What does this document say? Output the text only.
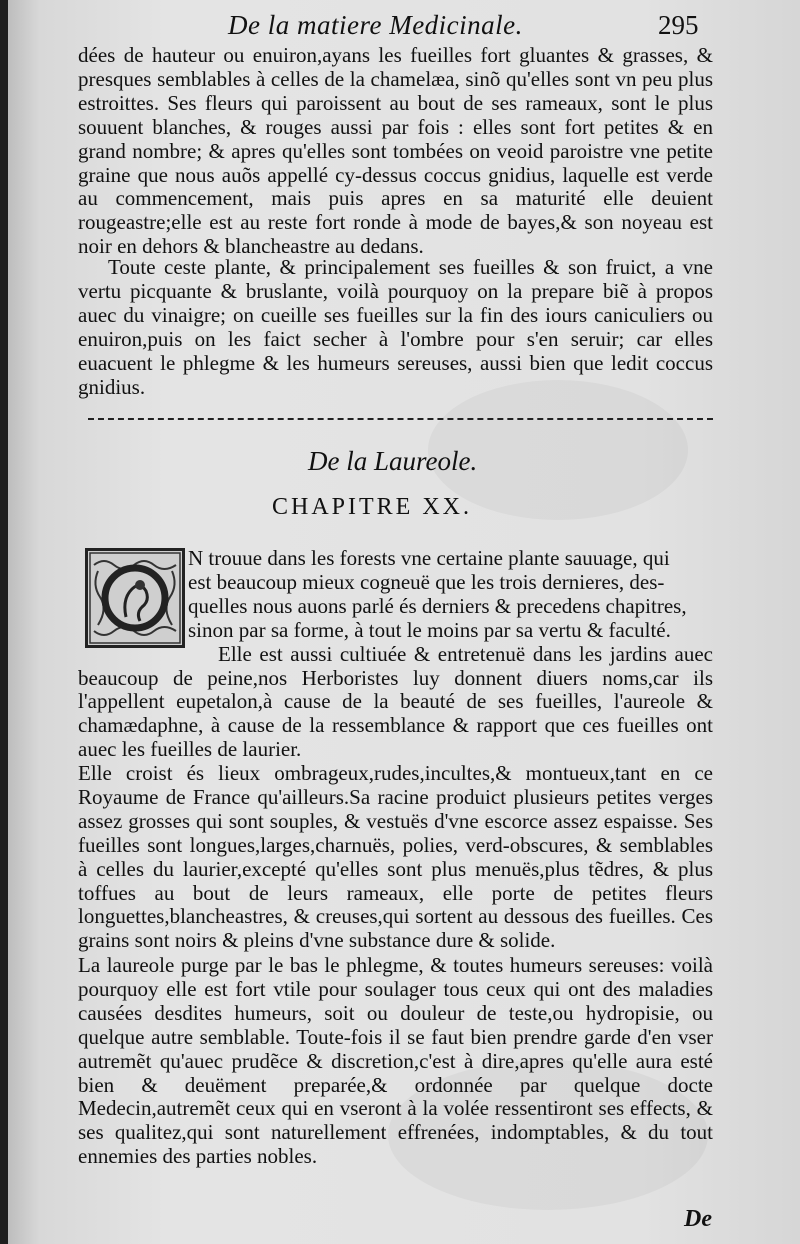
De la matiere Medicinale.	295

dées de hauteur ou enuiron,ayans les fueilles fort gluantes & grasses, & presques semblables à celles de la chamelæa, sinõ qu'elles sont vn peu plus estroittes. Ses fleurs qui paroissent au bout de ses rameaux, sont le plus souuent blanches, & rouges aussi par fois : elles sont fort petites & en grand nombre; & apres qu'elles sont tombées on veoid paroistre vne petite graine que nous auõs appellé cy-dessus coccus gnidius, laquelle est verde au commencement, mais puis apres en sa maturité elle deuient rougeastre;elle est au reste fort ronde à mode de bayes,& son noyeau est noir en dehors & blancheastre au dedans.

Toute ceste plante, & principalement ses fueilles & son fruict, a vne vertu picquante & bruslante, voilà pourquoy on la prepare biẽ à propos auec du vinaigre; on cueille ses fueilles sur la fin des iours caniculiers ou enuiron,puis on les faict secher à l'ombre pour s'en seruir; car elles euacuent le phlegme & les humeurs sereuses, aussi bien que ledit coccus gnidius.

De la Laureole.
CHAPITRE XX.
N trouue dans les forests vne certaine plante sauuage, qui
est beaucoup mieux cogneuë que les trois dernieres, des-
quelles nous auons parlé és derniers & precedens chapitres,
sinon par sa forme, à tout le moins par sa vertu & faculté.

Elle est aussi cultiuée & entretenuë dans les jardins auec beaucoup de peine,nos Herboristes luy donnent diuers noms,car ils l'appellent eupetalon,à cause de la beauté de ses fueilles, l'aureole & chamædaphne, à cause de la ressemblance & rapport que ces fueilles ont auec les fueilles de laurier.

Elle croist és lieux ombrageux,rudes,incultes,& montueux,tant en ce Royaume de France qu'ailleurs.Sa racine produict plusieurs petites verges assez grosses qui sont souples, & vestuës d'vne escorce assez espaisse. Ses fueilles sont longues,larges,charnuës, polies, verd-obscures, & semblables à celles du laurier,excepté qu'elles sont plus menuës,plus tẽdres, & plus toffues au bout de leurs rameaux, elle porte de petites fleurs longuettes,blancheastres, & creuses,qui sortent au dessous des fueilles. Ces grains sont noirs & pleins d'vne substance dure & solide.

La laureole purge par le bas le phlegme, & toutes humeurs sereuses: voilà pourquoy elle est fort vtile pour soulager tous ceux qui ont des maladies causées desdites humeurs, soit ou douleur de teste,ou hydropisie, ou quelque autre semblable. Toute-fois il se faut bien prendre garde d'en vser autremẽt qu'auec prudẽce & discretion,c'est à dire,apres qu'elle aura esté bien & deuëment preparée,& ordonnée par quelque docte Medecin,autremẽt ceux qui en vseront à la volée ressentiront ses effects, & ses qualitez,qui sont naturellement effrenées, indomptables, & du tout ennemies des parties nobles.

De
